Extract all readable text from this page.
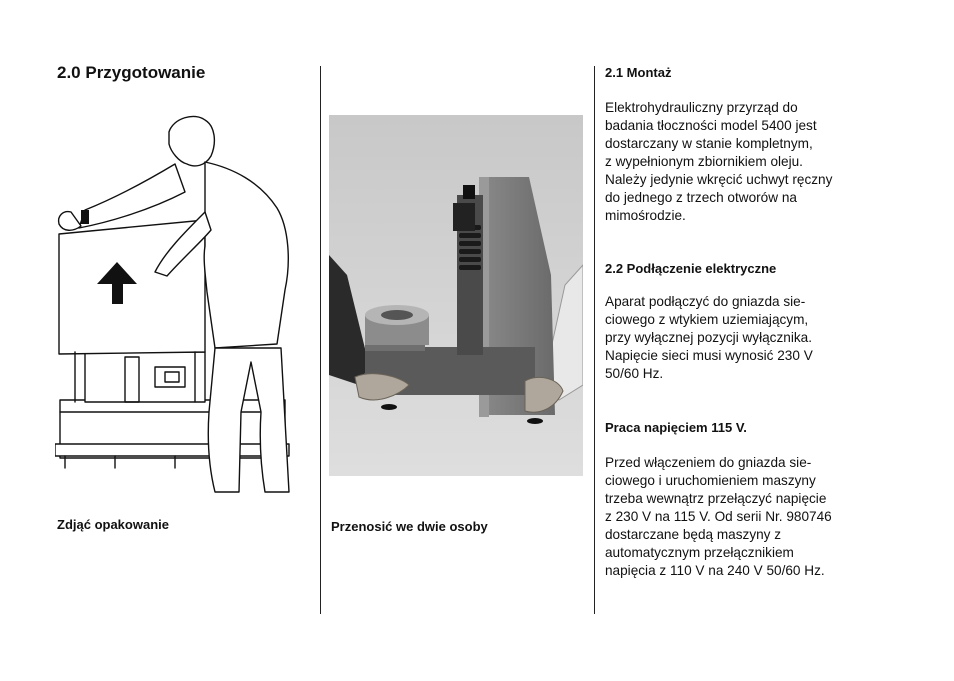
2.0 Przygotowanie

Zdjąć opakowanie	Przenosić we dwie osoby

2.1 Montaż
Elektrohydrauliczny przyrząd do
badania tłoczności model 5400 jest
dostarczany w stanie kompletnym,
z wypełnionym zbiornikiem oleju.
Należy jedynie wkręcić uchwyt ręczny
do jednego z trzech otworów na
mimośrodzie.
2.2 Podłączenie elektryczne
Aparat podłączyć do gniazda sie-
ciowego z wtykiem uziemiającym,
przy wyłącznej pozycji wyłącznika.
Napięcie sieci musi wynosić 230 V
50/60 Hz.
Praca napięciem 115 V.
Przed włączeniem do gniazda sie-
ciowego i uruchomieniem maszyny
trzeba wewnątrz przełączyć napięcie
z 230 V na 115 V. Od serii Nr. 980746
dostarczane będą maszyny z
automatycznym przełącznikiem
napięcia z 110 V na 240 V 50/60 Hz.
